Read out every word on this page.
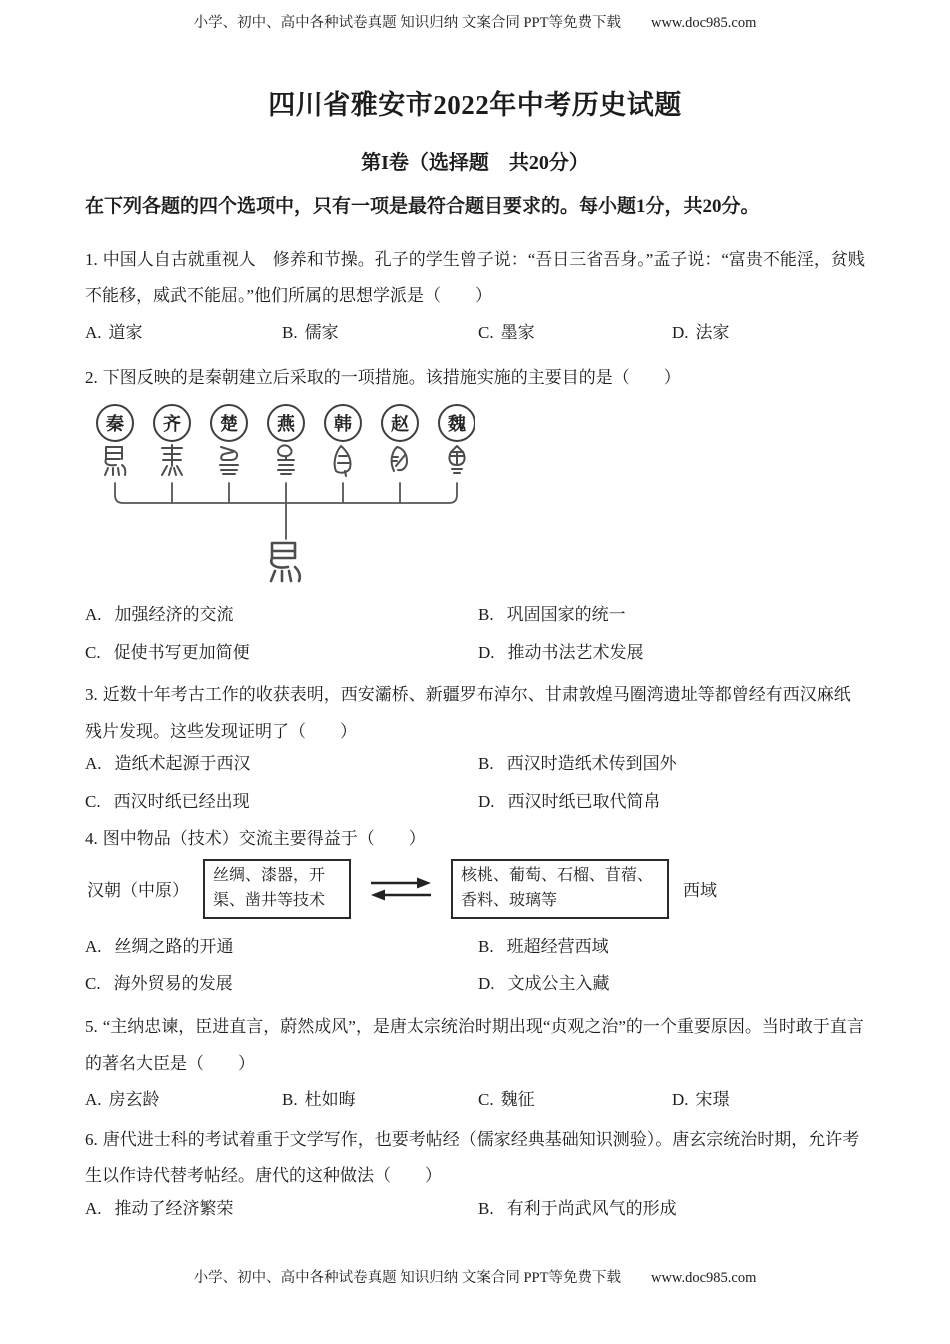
小学、初中、高中各种试卷真题 知识归纳 文案合同 PPT等免费下载 www.doc985.com
四川省雅安市2022年中考历史试题
第I卷（选择题　共20分）

在下列各题的四个选项中，只有一项是最符合题目要求的。每小题1分，共20分。

1. 中国人自古就重视人　修养和节操。孔子的学生曾子说：“吾日三省吾身。”孟子说：“富贵不能淫，贫贱不能移，威武不能屈。”他们所属的思想学派是（　　）

A. 道家	B. 儒家	C. 墨家	D. 法家

2. 下图反映的是秦朝建立后采取的一项措施。该措施实施的主要目的是（　　）

秦 齐 楚 燕 韩 赵 魏
A. 加强经济的交流	B. 巩固国家的统一
C. 促使书写更加简便	D. 推动书法艺术发展

3. 近数十年考古工作的收获表明，西安灞桥、新疆罗布淖尔、甘肃敦煌马圈湾遗址等都曾经有西汉麻纸残片发现。这些发现证明了（　　）

A. 造纸术起源于西汉	B. 西汉时造纸术传到国外
C. 西汉时纸已经出现	D. 西汉时纸已取代简帛

4. 图中物品（技术）交流主要得益于（　　）

汉朝（中原）
丝绸、漆器，开渠、凿井等技术
核桃、葡萄、石榴、苜蓿、香料、玻璃等	西域
A. 丝绸之路的开通	B. 班超经营西域
C. 海外贸易的发展	D. 文成公主入藏

5. “主纳忠谏，臣进直言，蔚然成风”，是唐太宗统治时期出现“贞观之治”的一个重要原因。当时敢于直言的著名大臣是（　　）

A. 房玄龄	B. 杜如晦	C. 魏征	D. 宋璟

6. 唐代进士科的考试着重于文学写作，也要考帖经（儒家经典基础知识测验）。唐玄宗统治时期，允许考生以作诗代替考帖经。唐代的这种做法（　　）

A. 推动了经济繁荣	B. 有利于尚武风气的形成
小学、初中、高中各种试卷真题 知识归纳 文案合同 PPT等免费下载 www.doc985.com
